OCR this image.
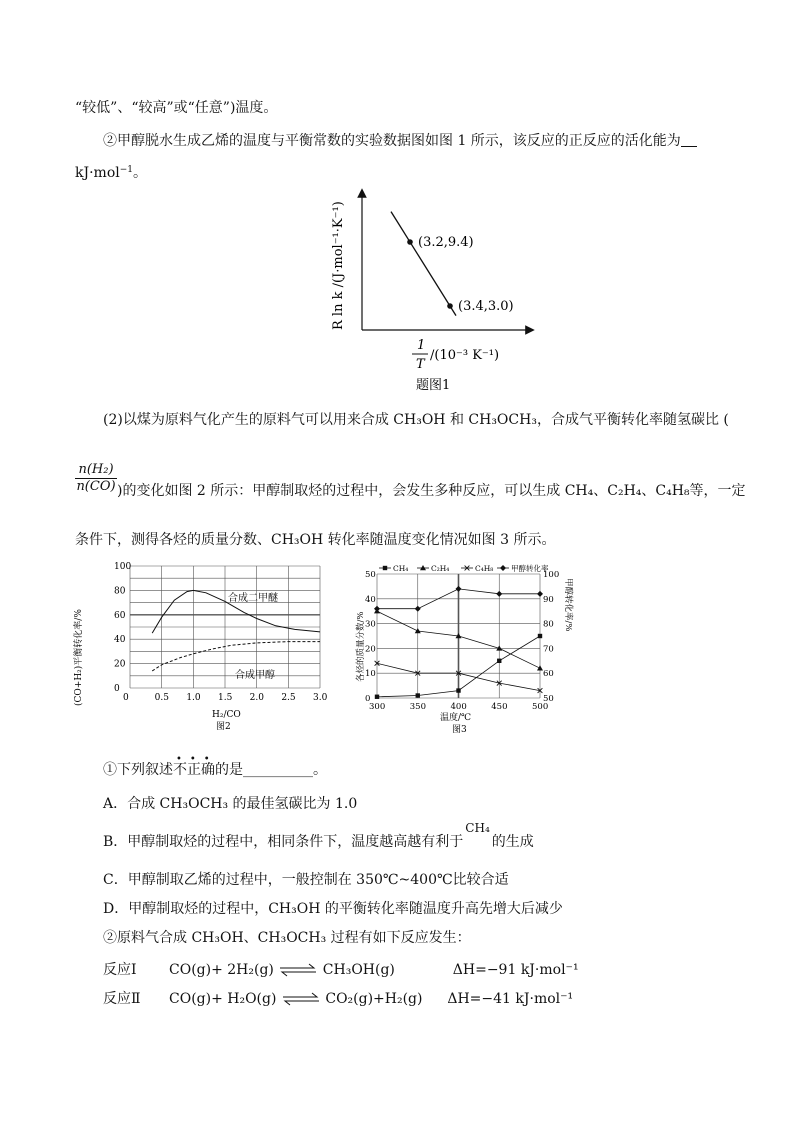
“较低”、“较高”或“任意”)温度。
②甲醇脱水生成乙烯的温度与平衡常数的实验数据图如图 1 所示，该反应的正反应的活化能为
kJ·mol$^{-1}$。
(3.2,9.4)
(3.4,3.0)
R ln k /(J·mol⁻¹·K⁻¹)
1
T
/(10⁻³ K⁻¹)
题图1
(2)以煤为原料气化产生的原料气可以用来合成 CH₃OH 和 CH₃OCH₃，合成气平衡转化率随氢碳比 (
n(H₂)
n(CO) )的变化如图 2 所示：甲醇制取烃的过程中，会发生多种反应，可以生成 CH₄、C₂H₄、C₄H₈等，一定
条件下，测得各烃的质量分数、CH₃OH 转化率随温度变化情况如图 3 所示。
0	0.5 1.0 1.5 2.0 2.5 3.0
0
20
40
60
80
100
合成二甲醚
合成甲醇
(CO+H₂)平衡转化率/%
H₂/CO
图2
300	350	400	450	500
0
10
20
30
40
50
50
60
70
80
90
100
CH₄	C₂H₄	C₄H₈ 甲醇转化率
各烃的质量分数/%
甲醇转化率/%
温度/℃
图3
①下列叙述不正确的是__________。
•••
A．合成 CH₃OCH₃ 的最佳氢碳比为 1.0
B．甲醇制取烃的过程中，相同条件下，温度越高越有利于CH₄的生成
C．甲醇制取乙烯的过程中，一般控制在 350℃~400℃比较合适
D．甲醇制取烃的过程中，CH₃OH 的平衡转化率随温度升高先增大后减少
②原料气合成 CH₃OH、CH₃OCH₃ 过程有如下反应发生：
反应Ⅰ CO(g)+ 2H₂(g) ⇌ CH₃OH(g)	ΔH=−91 kJ·mol⁻¹
反应Ⅱ CO(g)+ H₂O(g) ⇌ CO₂(g)+H₂(g) ΔH=−41 kJ·mol⁻¹
